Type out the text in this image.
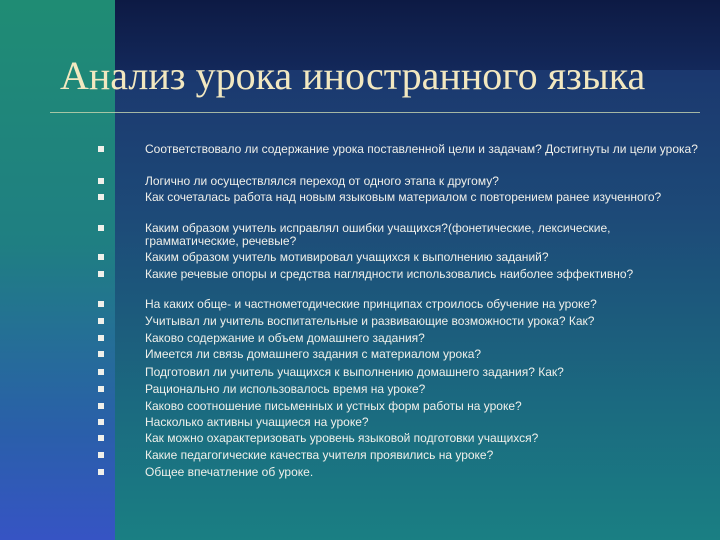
Анализ урока иностранного языка
Соответствовало ли содержание урока поставленной цели и задачам? Достигнуты ли цели урока?
Логично ли осуществлялся переход от одного этапа к другому?
Как сочеталась работа над новым языковым материалом с повторением ранее изученного?
Каким образом учитель исправлял ошибки учащихся?(фонетические, лексические, грамматические, речевые?
Каким образом учитель мотивировал учащихся к выполнению заданий?
Какие речевые опоры и средства наглядности использовались наиболее эффективно?
На каких обще- и частнометодические принципах строилось обучение на уроке?
Учитывал ли учитель воспитательные и развивающие возможности урока? Как?
Каково содержание и объем домашнего задания?
Имеется ли связь домашнего задания с материалом урока?
Подготовил ли учитель учащихся к выполнению домашнего задания? Как?
Рационально ли использовалось время на уроке?
Каково соотношение письменных и устных форм работы на уроке?
Насколько активны учащиеся на уроке?
Как можно охарактеризовать уровень языковой подготовки учащихся?
Какие педагогические качества учителя проявились на уроке?
Общее впечатление об уроке.
